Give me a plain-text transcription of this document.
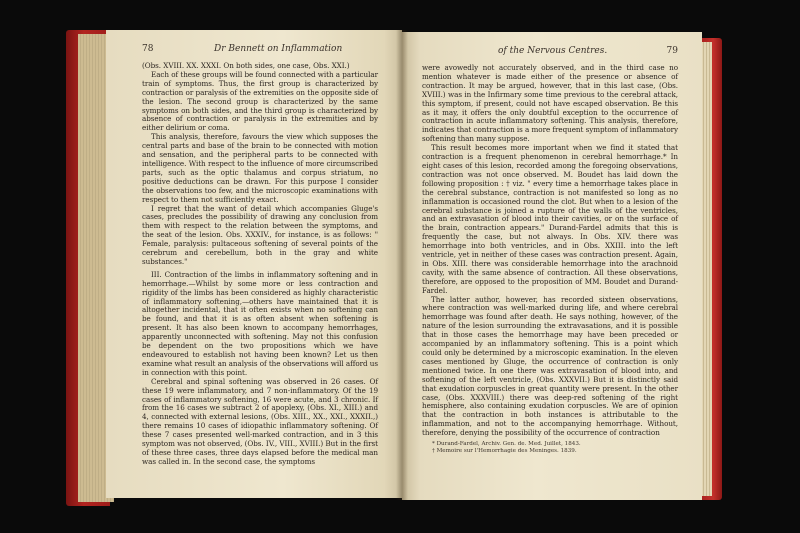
78	Dr Bennett on Inflammation

(Obs. XVIII. XX. XXXI. On both sides, one case, Obs. XXI.)

Each of these groups will be found connected with a particular train of symptoms. Thus, the first group is characterized by contraction or paralysis of the extremities on the opposite side of the lesion. The second group is characterized by the same symptoms on both sides, and the third group is characterized by absence of contraction or paralysis in the extremities and by either delirium or coma.

This analysis, therefore, favours the view which supposes the central parts and base of the brain to be connected with motion and sensation, and the peripheral parts to be connected with intelligence. With respect to the influence of more circumscribed parts, such as the optic thalamus and corpus striatum, no positive deductions can be drawn. For this purpose I consider the observations too few, and the microscopic examinations with respect to them not sufficiently exact.

I regret that the want of detail which accompanies Gluge's cases, precludes the possibility of drawing any conclusion from them with respect to the relation between the symptoms, and the seat of the lesion. Obs. XXXIV., for instance, is as follows: " Female, paralysis: pultaceous softening of several points of the cerebrum and cerebellum, both in the gray and white substances."

III. Contraction of the limbs in inflammatory softening and in hemorrhage.—Whilst by some more or less contraction and rigidity of the limbs has been considered as highly characteristic of inflammatory softening,—others have maintained that it is altogether incidental, that it often exists when no softening can be found, and that it is as often absent when softening is present. It has also been known to accompany hemorrhages, apparently unconnected with softening. May not this confusion be dependent on the two propositions which we have endeavoured to establish not having been known? Let us then examine what result an analysis of the observations will afford us in connection with this point.

Cerebral and spinal softening was observed in 26 cases. Of these 19 were inflammatory, and 7 non-inflammatory. Of the 19 cases of inflammatory softening, 16 were acute, and 3 chronic. If from the 16 cases we subtract 2 of apoplexy, (Obs. XI., XIII.) and 4, connected with external lesions, (Obs. XIII., XX., XXI., XXXII.,) there remains 10 cases of idiopathic inflammatory softening. Of these 7 cases presented well-marked contraction, and in 3 this symptom was not observed, (Obs. IV., VIII., XVIII.) But in the first of these three cases, three days elapsed before the medical man was called in. In the second case, the symptoms

of the Nervous Centres.	79

were avowedly not accurately observed, and in the third case no mention whatever is made either of the presence or absence of contraction. It may be argued, however, that in this last case, (Obs. XVIII.) was in the Infirmary some time previous to the cerebral attack, this symptom, if present, could not have escaped observation. Be this as it may, it offers the only doubtful exception to the occurrence of contraction in acute inflammatory softening. This analysis, therefore, indicates that contraction is a more frequent symptom of inflammatory softening than many suppose.

This result becomes more important when we find it stated that contraction is a frequent phenomenon in cerebral hemorrhage.* In eight cases of this lesion, recorded among the foregoing observations, contraction was not once observed. M. Boudet has laid down the following proposition : † viz. " every time a hemorrhage takes place in the cerebral substance, contraction is not manifested so long as no inflammation is occasioned round the clot. But when to a lesion of the cerebral substance is joined a rupture of the walls of the ventricles, and an extravasation of blood into their cavities, or on the surface of the brain, contraction appears." Durand-Fardel admits that this is frequently the case, but not always. In Obs. XIV. there was hemorrhage into both ventricles, and in Obs. XXIII. into the left ventricle, yet in neither of these cases was contraction present. Again, in Obs. XIII. there was considerable hemorrhage into the arachnoid cavity, with the same absence of contraction. All these observations, therefore, are opposed to the proposition of MM. Boudet and Durand-Fardel.

The latter author, however, has recorded sixteen observations, where contraction was well-marked during life, and where cerebral hemorrhage was found after death. He says nothing, however, of the nature of the lesion surrounding the extravasations, and it is possible that in those cases the hemorrhage may have been preceded or accompanied by an inflammatory softening. This is a point which could only be determined by a microscopic examination. In the eleven cases mentioned by Gluge, the occurrence of contraction is only mentioned twice. In one there was extravasation of blood into, and softening of the left ventricle, (Obs. XXXVII.) But it is distinctly said that exudation corpuscles in great quantity were present. In the other case, (Obs. XXXVIII.) there was deep-red softening of the right hemisphere, also containing exudation corpuscles. We are of opinion that the contraction in both instances is attributable to the inflammation, and not to the accompanying hemorrhage. Without, therefore, denying the possibility of the occurrence of contraction

* Durand-Fardel, Archiv. Gen. de. Med. Juillet, 1843.

† Memoire sur l'Hemorrhagie des Meninges. 1839.
